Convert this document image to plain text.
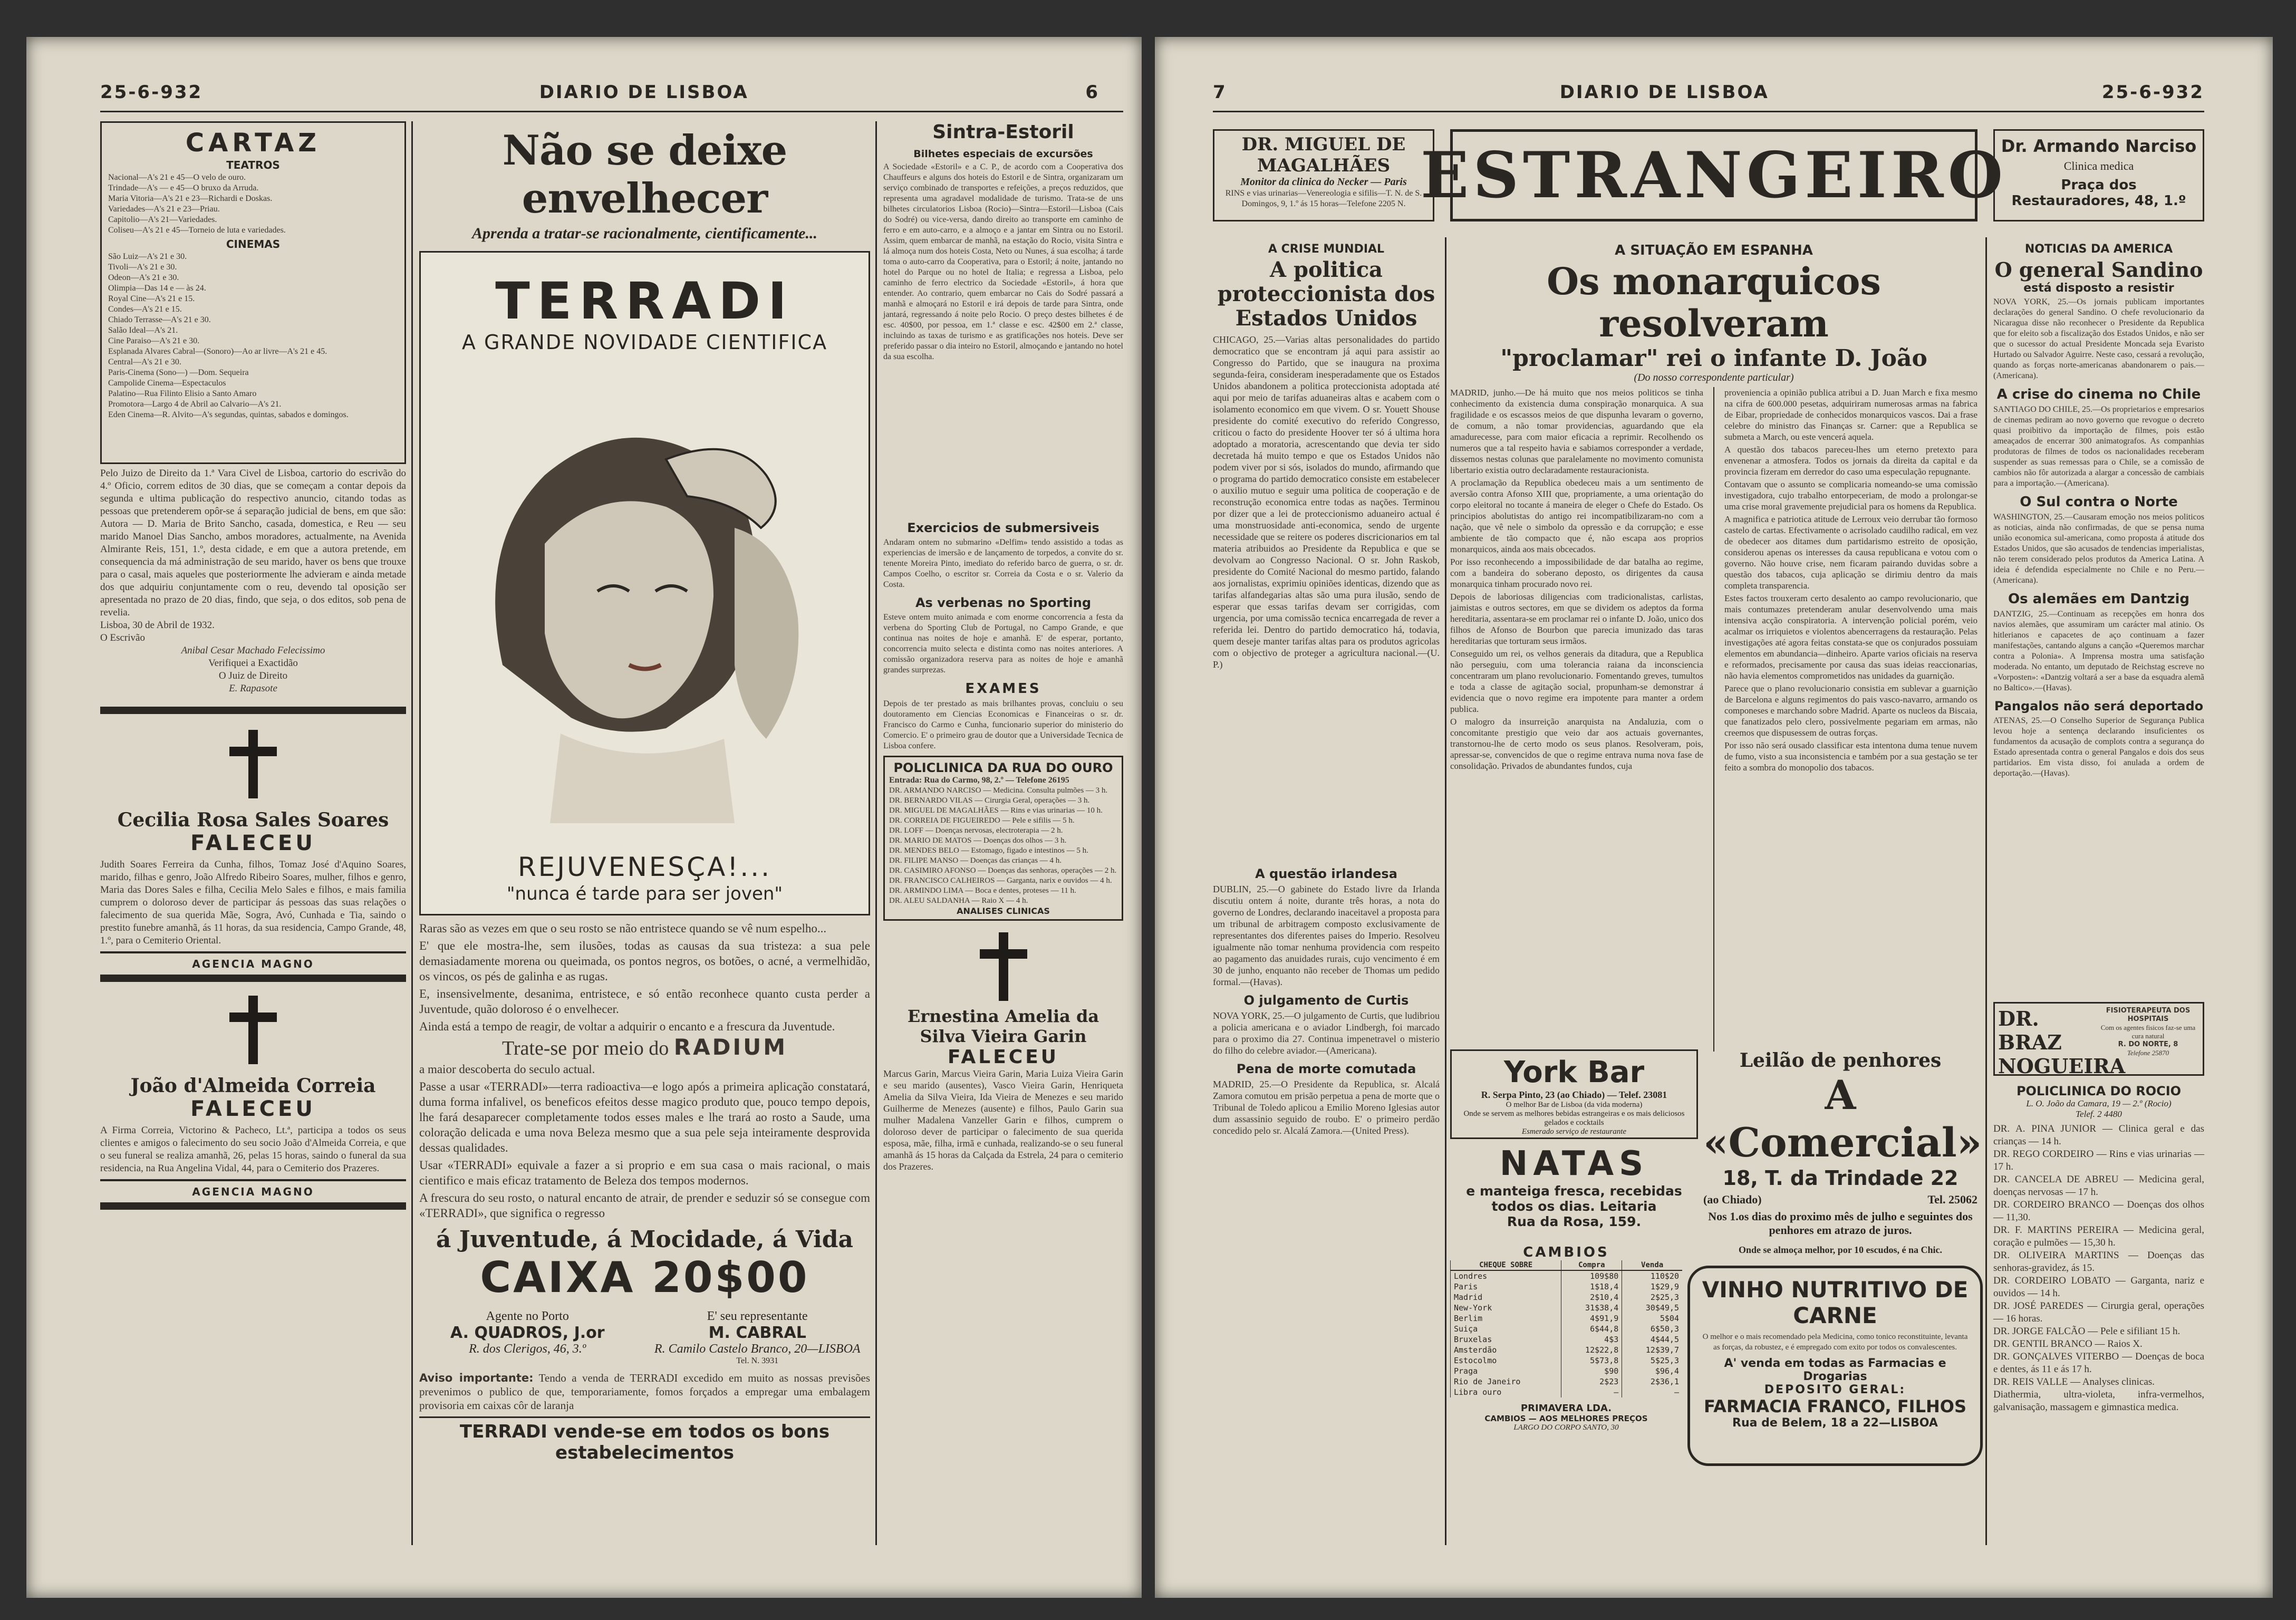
25-6-932	DIARIO DE LISBOA	6
CARTAZ
TEATROS
Nacional—A's 21 e 45—O velo de ouro.
Trindade—A's — e 45—O bruxo da Arruda.
Maria Vitoria—A's 21 e 23—Richardi e Doskas.
Variedades—A's 21 e 23—Priau.
Capitolio—A's 21—Variedades.
Coliseu—A's 21 e 45—Torneio de luta e variedades.
CINEMAS
São Luiz—A's 21 e 30.
Tivoli—A's 21 e 30.
Odeon—A's 21 e 30.
Olimpia—Das 14 e — às 24.
Royal Cine—A's 21 e 15.
Condes—A's 21 e 15.
Chiado Terrasse—A's 21 e 30.
Salão Ideal—A's 21.
Cine Paraiso—A's 21 e 30.
Esplanada Alvares Cabral—(Sonoro)—Ao ar livre—A's 21 e 45.
Central—A's 21 e 30.
Paris-Cinema (Sono—) —Dom. Sequeira
Campolide Cinema—Espectaculos
Palatino—Rua Filinto Elisio a Santo Amaro
Promotora—Largo 4 de Abril ao Calvario—A's 21.
Eden Cinema—R. Alvito—A's segundas, quintas, sabados e domingos.
Pelo Juizo de Direito da 1.ª Vara Civel de Lisboa, cartorio do escrivão do 4.º Oficio, correm editos de 30 dias, que se começam a contar depois da segunda e ultima publicação do respectivo anuncio, citando todas as pessoas que pretenderem opôr-se á separação judicial de bens, em que são: Autora — D. Maria de Brito Sancho, casada, domestica, e Reu — seu marido Manoel Dias Sancho, ambos moradores, actualmente, na Avenida Almirante Reis, 151, 1.º, desta cidade, e em que a autora pretende, em consequencia da má administração de seu marido, haver os bens que trouxe para o casal, mais aqueles que posteriormente lhe advieram e ainda metade dos que adquiriu conjuntamente com o reu, devendo tal oposição ser apresentada no prazo de 20 dias, findo, que seja, o dos editos, sob pena de revelia.
Lisboa, 30 de Abril de 1932.
O Escrivão
Anibal Cesar Machado Felecissimo
Verifiquei a Exactidão
O Juiz de Direito
E. Rapasote
Cecilia Rosa Sales Soares
FALECEU
Judith Soares Ferreira da Cunha, filhos, Tomaz José d'Aquino Soares, marido, filhas e genro, João Alfredo Ribeiro Soares, mulher, filhos e genro, Maria das Dores Sales e filha, Cecilia Melo Sales e filhos, e mais familia cumprem o doloroso dever de participar ás pessoas das suas relações o falecimento de sua querida Mãe, Sogra, Avó, Cunhada e Tia, saindo o prestito funebre amanhã, ás 11 horas, da sua residencia, Campo Grande, 48, 1.º, para o Cemiterio Oriental.
AGENCIA MAGNO
João d'Almeida Correia
FALECEU
A Firma Correia, Victorino & Pacheco, Lt.ª, participa a todos os seus clientes e amigos o falecimento do seu socio João d'Almeida Correia, e que o seu funeral se realiza amanhã, 26, pelas 15 horas, saindo o funeral da sua residencia, na Rua Angelina Vidal, 44, para o Cemiterio dos Prazeres.
AGENCIA MAGNO
Não se deixe envelhecer
Aprenda a tratar-se racionalmente, cientificamente...
TERRADI
A GRANDE NOVIDADE CIENTIFICA
REJUVENESÇA!...
"nunca é tarde para ser joven"

Raras são as vezes em que o seu rosto se não entristece quando se vê num espelho...

E' que ele mostra-lhe, sem ilusões, todas as causas da sua tristeza: a sua pele demasiadamente morena ou queimada, os pontos negros, os botões, o acné, a vermelhidão, os vincos, os pés de galinha e as rugas.

E, insensivelmente, desanima, entristece, e só então reconhece quanto custa perder a Juventude, quão doloroso é o envelhecer.

Ainda está a tempo de reagir, de voltar a adquirir o encanto e a frescura da Juventude.

Trate-se por meio do RADIUM

a maior descoberta do seculo actual.

Passe a usar «TERRADI»—terra radioactiva—e logo após a primeira aplicação constatará, duma forma infalivel, os beneficos efeitos desse magico produto que, pouco tempo depois, lhe fará desaparecer completamente todos esses males e lhe trará ao rosto a Saude, uma coloração delicada e uma nova Beleza mesmo que a sua pele seja inteiramente desprovida dessas qualidades.

Usar «TERRADI» equivale a fazer a si proprio e em sua casa o mais racional, o mais cientifico e mais eficaz tratamento de Beleza dos tempos modernos.

A frescura do seu rosto, o natural encanto de atrair, de prender e seduzir só se consegue com «TERRADI», que significa o regresso

á Juventude, á Mocidade, á Vida
CAIXA 20$00
Agente no Porto
A. QUADROS, J.or
R. dos Clerigos, 46, 3.º
E' seu representante
M. CABRAL
R. Camilo Castelo Branco, 20—LISBOA
Tel. N. 3931
Aviso importante: Tendo a venda de TERRADI excedido em muito as nossas previsões prevenimos o publico de que, temporariamente, fomos forçados a empregar uma embalagem provisoria em caixas côr de laranja
TERRADI vende-se em todos os bons estabelecimentos
Sintra-Estoril
Bilhetes especiais de excursões
A Sociedade «Estoril» e a C. P., de acordo com a Cooperativa dos Chauffeurs e alguns dos hoteis do Estoril e de Sintra, organizaram um serviço combinado de transportes e refeições, a preços reduzidos, que representa uma agradavel modalidade de turismo. Trata-se de uns bilhetes circulatorios Lisboa (Rocio)—Sintra—Estoril—Lisboa (Cais do Sodré) ou vice-versa, dando direito ao transporte em caminho de ferro e em auto-carro, e a almoço e a jantar em Sintra ou no Estoril. Assim, quem embarcar de manhã, na estação do Rocio, visita Sintra e lá almoça num dos hoteis Costa, Neto ou Nunes, á sua escolha; á tarde toma o auto-carro da Cooperativa, para o Estoril; á noite, jantando no hotel do Parque ou no hotel de Italia; e regressa a Lisboa, pelo caminho de ferro electrico da Sociedade «Estoril», á hora que entender. Ao contrario, quem embarcar no Cais do Sodré passará a manhã e almoçará no Estoril e irá depois de tarde para Sintra, onde jantará, regressando á noite pelo Rocio. O preço destes bilhetes é de esc. 40$00, por pessoa, em 1.ª classe e esc. 42$00 em 2.ª classe, incluindo as taxas de turismo e as gratificações nos hoteis. Deve ser preferido passar o dia inteiro no Estoril, almoçando e jantando no hotel da sua escolha.
Exercicios de submersiveis
Andaram ontem no submarino «Delfim» tendo assistido a todas as experiencias de imersão e de lançamento de torpedos, a convite do sr. tenente Moreira Pinto, imediato do referido barco de guerra, o sr. dr. Campos Coelho, o escritor sr. Correia da Costa e o sr. Valerio da Costa.
As verbenas no Sporting
Esteve ontem muito animada e com enorme concorrencia a festa da verbena do Sporting Club de Portugal, no Campo Grande, e que continua nas noites de hoje e amanhã. E' de esperar, portanto, concorrencia muito selecta e distinta como nas noites anteriores. A comissão organizadora reserva para as noites de hoje e amanhã grandes surprezas.
EXAMES
Depois de ter prestado as mais brilhantes provas, concluiu o seu doutoramento em Ciencias Economicas e Financeiras o sr. dr. Francisco do Carmo e Cunha, funcionario superior do ministerio do Comercio. E' o primeiro grau de doutor que a Universidade Tecnica de Lisboa confere.
POLICLINICA DA RUA DO OURO
Entrada: Rua do Carmo, 98, 2.º — Telefone 26195
DR. ARMANDO NARCISO — Medicina. Consulta pulmões — 3 h.
DR. BERNARDO VILAS — Cirurgia Geral, operações — 3 h.
DR. MIGUEL DE MAGALHÃES — Rins e vias urinarias — 10 h.
DR. CORREIA DE FIGUEIREDO — Pele e sifilis — 5 h.
DR. LOFF — Doenças nervosas, electroterapia — 2 h.
DR. MARIO DE MATOS — Doenças dos olhos — 3 h.
DR. MENDES BELO — Estomago, figado e intestinos — 5 h.
DR. FILIPE MANSO — Doenças das crianças — 4 h.
DR. CASIMIRO AFONSO — Doenças das senhoras, operações — 2 h.
DR. FRANCISCO CALHEIROS — Garganta, narix e ouvidos — 4 h.
DR. ARMINDO LIMA — Boca e dentes, proteses — 11 h.
DR. ALEU SALDANHA — Raio X — 4 h.
ANALISES CLINICAS
Ernestina Amelia da Silva Vieira Garin
FALECEU
Marcus Garin, Marcus Vieira Garin, Maria Luiza Vieira Garin e seu marido (ausentes), Vasco Vieira Garin, Henriqueta Amelia da Silva Vieira, Ida Vieira de Menezes e seu marido Guilherme de Menezes (ausente) e filhos, Paulo Garin sua mulher Madalena Vanzeller Garin e filhos, cumprem o doloroso dever de participar o falecimento de sua querida esposa, mãe, filha, irmã e cunhada, realizando-se o seu funeral amanhã ás 15 horas da Calçada da Estrela, 24 para o cemiterio dos Prazeres.
7	DIARIO DE LISBOA	25-6-932
DR. MIGUEL DE MAGALHÃES
Monitor da clinica do Necker — Paris
RINS e vias urinarias—Venereologia e sifilis—T. N. de S. Domingos, 9, 1.º ás 15 horas—Telefone 2205 N. ESTRANGEIRO
Dr. Armando Narciso
Clinica medica
Praça dos Restauradores, 48, 1.º
A CRISE MUNDIAL
A politica proteccionista dos Estados Unidos
CHICAGO, 25.—Varias altas personalidades do partido democratico que se encontram já aqui para assistir ao Congresso do Partido, que se inaugura na proxima segunda-feira, consideram inesperadamente que os Estados Unidos abandonem a politica proteccionista adoptada até aqui por meio de tarifas aduaneiras altas e acabem com o isolamento economico em que vivem. O sr. Youett Shouse presidente do comité executivo do referido Congresso, criticou o facto do presidente Hoover ter só á ultima hora adoptado a moratoria, acrescentando que devia ter sido decretada há muito tempo e que os Estados Unidos não podem viver por si sós, isolados do mundo, afirmando que o programa do partido democratico consiste em estabelecer o auxilio mutuo e seguir uma politica de cooperação e de reconstrução economica entre todas as nações. Terminou por dizer que a lei de proteccionismo aduaneiro actual é uma monstruosidade anti-economica, sendo de urgente necessidade que se reitere os poderes discricionarios em tal materia atribuidos ao Presidente da Republica e que se devolvam ao Congresso Nacional. O sr. John Raskob, presidente do Comité Nacional do mesmo partido, falando aos jornalistas, exprimiu opiniões identicas, dizendo que as tarifas alfandegarias altas são uma pura ilusão, sendo de esperar que essas tarifas devam ser corrigidas, com urgencia, por uma comissão tecnica encarregada de rever a referida lei. Dentro do partido democratico há, todavia, quem deseje manter tarifas altas para os produtos agricolas com o objectivo de proteger a agricultura nacional.—(U. P.)
A questão irlandesa
DUBLIN, 25.—O gabinete do Estado livre da Irlanda discutiu ontem á noite, durante três horas, a nota do governo de Londres, declarando inaceitavel a proposta para um tribunal de arbitragem composto exclusivamente de representantes dos diferentes paises do Imperio. Resolveu igualmente não tomar nenhuma providencia com respeito ao pagamento das anuidades rurais, cujo vencimento é em 30 de junho, enquanto não receber de Thomas um pedido formal.—(Havas).
O julgamento de Curtis
NOVA YORK, 25.—O julgamento de Curtis, que ludibriou a policia americana e o aviador Lindbergh, foi marcado para o proximo dia 27. Continua impenetravel o misterio do filho do celebre aviador.—(Americana).
Pena de morte comutada
MADRID, 25.—O Presidente da Republica, sr. Alcalá Zamora comutou em prisão perpetua a pena de morte que o Tribunal de Toledo aplicou a Emilio Moreno Iglesias autor dum assassinio seguido de roubo. E' o primeiro perdão concedido pelo sr. Alcalá Zamora.—(United Press).
A SITUAÇÃO EM ESPANHA
Os monarquicos resolveram
"proclamar" rei o infante D. João
(Do nosso correspondente particular)

MADRID, junho.—De há muito que nos meios politicos se tinha conhecimento da existencia duma conspiração monarquica. A sua fragilidade e os escassos meios de que dispunha levaram o governo, de comum, a não tomar providencias, aguardando que ela amadurecesse, para com maior eficacia a reprimir. Recolhendo os numeros que a tal respeito havia e sabiamos corresponder a verdade, dissemos nestas colunas que paralelamente no movimento comunista libertario existia outro declaradamente restauracionista.

A proclamação da Republica obedeceu mais a um sentimento de aversão contra Afonso XIII que, propriamente, a uma orientação do corpo eleitoral no tocante á maneira de eleger o Chefe do Estado. Os principios abolutistas do antigo rei incompatibilizaram-no com a nação, que vê nele o simbolo da opressão e da corrupção; e esse ambiente de tão compacto que é, não escapa aos proprios monarquicos, ainda aos mais obcecados.

Por isso reconhecendo a impossibilidade de dar batalha ao regime, com a bandeira do soberano deposto, os dirigentes da causa monarquica tinham procurado novo rei.

Depois de laboriosas diligencias com tradicionalistas, carlistas, jaimistas e outros sectores, em que se dividem os adeptos da forma hereditaria, assentara-se em proclamar rei o infante D. João, unico dos filhos de Afonso de Bourbon que parecia imunizado das taras hereditarias que torturam seus irmãos.

Conseguido um rei, os velhos generais da ditadura, que a Republica não perseguiu, com uma tolerancia raiana da inconsciencia concentraram um plano revolucionario. Fomentando greves, tumultos e toda a classe de agitação social, propunham-se demonstrar á evidencia que o novo regime era impotente para manter a ordem publica.

O malogro da insurreição anarquista na Andaluzia, com o concomitante prestigio que veio dar aos actuais governantes, transtornou-lhe de certo modo os seus planos. Resolveram, pois, apressar-se, convencidos de que o regime entrava numa nova fase de consolidação. Privados de abundantes fundos, cuja

proveniencia a opinião publica atribui a D. Juan March e fixa mesmo na cifra de 600.000 pesetas, adquiriram numerosas armas na fabrica de Eibar, propriedade de conhecidos monarquicos vascos. Dai a frase celebre do ministro das Finanças sr. Carner: que a Republica se submeta a March, ou este vencerá aquela.

A questão dos tabacos pareceu-lhes um eterno pretexto para envenenar a atmosfera. Todos os jornais da direita da capital e da provincia fizeram em derredor do caso uma especulação repugnante.

Contavam que o assunto se complicaria nomeando-se uma comissão investigadora, cujo trabalho entorpeceriam, de modo a prolongar-se uma crise moral gravemente prejudicial para os homens da Republica.

A magnifica e patriotica atitude de Lerroux veio derrubar tão formoso castelo de cartas. Efectivamente o acrisolado caudilho radical, em vez de obedecer aos ditames dum partidarismo estreito de oposição, considerou apenas os interesses da causa republicana e votou com o governo. Não houve crise, nem ficaram pairando duvidas sobre a questão dos tabacos, cuja aplicação se dirimiu dentro da mais completa transparencia.

Estes factos trouxeram certo desalento ao campo revolucionario, que mais contumazes pretenderam anular desenvolvendo uma mais intensiva acção conspiratoria. A intervenção policial porém, veio acalmar os irriquietos e violentos abencerragens da restauração. Pelas investigações até agora feitas constata-se que os conjurados possuiam elementos em abundancia—dinheiro. Aparte varios oficiais na reserva e reformados, precisamente por causa das suas ideias reaccionarias, não havia elementos comprometidos nas unidades da guarnição.

Parece que o plano revolucionario consistia em sublevar a guarnição de Barcelona e alguns regimentos do pais vasco-navarro, armando os componeses e marchando sobre Madrid. Aparte os nucleos da Biscaia, que fanatizados pelo clero, possivelmente pegariam em armas, não creemos que dispusessem de outras forças.

Por isso não será ousado classificar esta intentona duma tenue nuvem de fumo, visto a sua inconsistencia e também por a sua gestação se ter feito a sombra do monopolio dos tabacos.

NOTICIAS DA AMERICA
O general Sandino
está disposto a resistir
NOVA YORK, 25.—Os jornais publicam importantes declarações do general Sandino. O chefe revolucionario da Nicaragua disse não reconhecer o Presidente da Republica que for eleito sob a fiscalização dos Estados Unidos, e não ser que o sucessor do actual Presidente Moncada seja Evaristo Hurtado ou Salvador Aguirre. Neste caso, cessará a revolução, quando as forças norte-americanas abandonarem o pais.—(Americana).
A crise do cinema no Chile
SANTIAGO DO CHILE, 25.—Os proprietarios e empresarios de cinemas pediram ao novo governo que revogue o decreto quasi proibitivo da importação de filmes, pois estão ameaçados de encerrar 300 animatografos. As companhias produtoras de filmes de todos os nacionalidades receberam suspender as suas remessas para o Chile, se a comissão de cambios não fôr autorizada a alargar a concessão de cambiais para a importação.—(Americana).
O Sul contra o Norte
WASHINGTON, 25.—Causaram emoção nos meios politicos as noticias, ainda não confirmadas, de que se pensa numa união economica sul-americana, como proposta á atitude dos Estados Unidos, que são acusados de tendencias imperialistas, não terem considerado pelos produtos da America Latina. A ideia é defendida especialmente no Chile e no Peru.—(Americana).
Os alemães em Dantzig
DANTZIG, 25.—Continuam as recepções em honra dos navios alemães, que assumiram um carácter mal atinio. Os hitlerianos e capacetes de aço continuam a fazer manifestações, cantando alguns a canção «Queremos marchar contra a Polonia». A Imprensa mostra uma satisfação moderada. No entanto, um deputado de Reichstag escreve no «Vorposten»: «Dantzig voltará a ser a base da esquadra alemã no Baltico».—(Havas).
Pangalos não será deportado
ATENAS, 25.—O Conselho Superior de Segurança Publica levou hoje a sentença declarando insuficientes os fundamentos da acusação de complots contra a segurança do Estado apresentada contra o general Pangalos e dois dos seus partidarios. Em vista disso, foi anulada a ordem de deportação.—(Havas).
DR. BRAZ
NOGUEIRA
FISIOTERAPEUTA DOS HOSPITAIS
Com os agentes fisicos faz-se uma cura natural
R. DO NORTE, 8
Telefone 25870
POLICLINICA DO ROCIO
L. O. João da Camara, 19 — 2.º (Rocio)
Telef. 2 4480
DR. A. PINA JUNIOR — Clinica geral e das crianças — 14 h.
DR. REGO CORDEIRO — Rins e vias urinarias — 17 h.
DR. CANCELA DE ABREU — Medicina geral, doenças nervosas — 17 h.
DR. CORDEIRO BRANCO — Doenças dos olhos — 11,30.
DR. F. MARTINS PEREIRA — Medicina geral, coração e pulmões — 15,30 h.
DR. OLIVEIRA MARTINS — Doenças das senhoras-gravidez, ás 15.
DR. CORDEIRO LOBATO — Garganta, nariz e ouvidos — 14 h.
DR. JOSÉ PAREDES — Cirurgia geral, operações — 16 horas.
DR. JORGE FALCÃO — Pele e sifiliant 15 h.
DR. GENTIL BRANCO — Raios X.
DR. GONÇALVES VITERBO — Doenças de boca e dentes, ás 11 e ás 17 h.
DR. REIS VALLE — Analyses clinicas.
Diathermia, ultra-violeta, infra-vermelhos, galvanisação, massagem e gimnastica medica.
York Bar
R. Serpa Pinto, 23 (ao Chiado) — Telef. 23081
O melhor Bar de Lisboa (da vida moderna)
Onde se servem as melhores bebidas estrangeiras e os mais deliciosos gelados e cocktails
Esmerado serviço de restaurante
NATAS
e manteiga fresca, recebidas todos os dias. Leitaria
Rua da Rosa, 159.
Leilão de penhores
A «Comercial»
18, T. da Trindade 22
(ao Chiado)	Tel. 25062
Nos 1.os dias do proximo mês de julho e seguintes dos penhores em atrazo de juros.
Onde se almoça melhor, por 10 escudos, é na Chic.
CAMBIOS
CHEQUE SOBRE	Compra	Venda
Londres	109$80	110$20
Paris	1$18,4	1$29,9
Madrid	2$10,4	2$25,3
New-York	31$38,4	30$49,5
Berlim	4$91,9	5$04
Suiça	6$44,8	6$50,3
Bruxelas	4$3	4$44,5
Amsterdão	12$22,8	12$39,7
Estocolmo	5$73,8	5$25,3
Praga	$90	$96,4
Rio de Janeiro	2$23	2$36,1
Libra ouro	—	—
PRIMAVERA LDA.
CAMBIOS — AOS MELHORES PREÇOS
LARGO DO CORPO SANTO, 30
VINHO NUTRITIVO DE CARNE
O melhor e o mais recomendado pela Medicina, como tonico reconstituinte, levanta as forças, da robustez, e é empregado com exito por todos os convalescentes.
A' venda em todas as Farmacias e Drogarias
DEPOSITO GERAL:
FARMACIA FRANCO, FILHOS
Rua de Belem, 18 a 22—LISBOA
